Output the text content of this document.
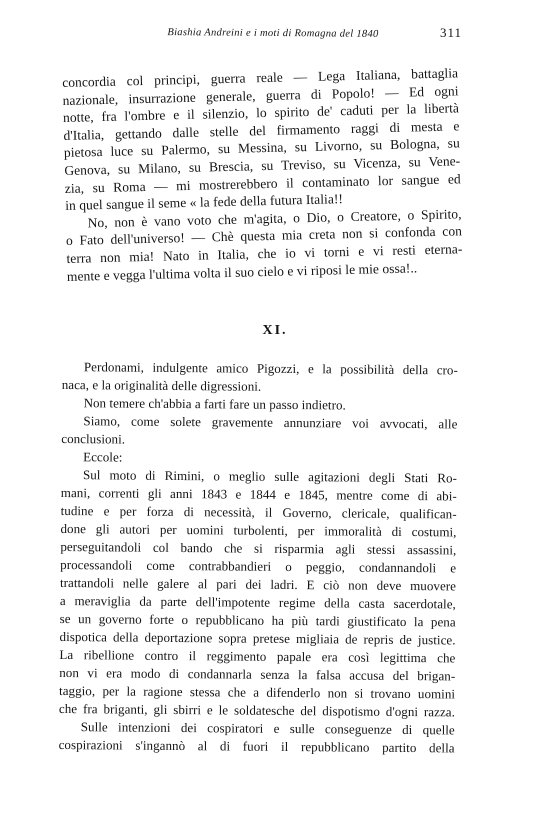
Biashia Andreini e i moti di Romagna del 1840	311
concordia col principi, guerra reale — Lega Italiana, battaglia
nazionale, insurrazione generale, guerra di Popolo! — Ed ogni
notte, fra l'ombre e il silenzio, lo spirito de' caduti per la libertà
d'Italia, gettando dalle stelle del firmamento raggi di mesta e
pietosa luce su Palermo, su Messina, su Livorno, su Bologna, su
Genova, su Milano, su Brescia, su Treviso, su Vicenza, su Vene-
zia, su Roma — mi mostrerebbero il contaminato lor sangue ed
in quel sangue il seme « la fede della futura Italia!!
No, non è vano voto che m'agita, o Dio, o Creatore, o Spirito,
o Fato dell'universo! — Chè questa mia creta non si confonda con
terra non mia! Nato in Italia, che io vi torni e vi resti eterna-
mente e vegga l'ultima volta il suo cielo e vi riposi le mie ossa!..
XI.
Perdonami, indulgente amico Pigozzi, e la possibilità della cro-
naca, e la originalità delle digressioni.
Non temere ch'abbia a farti fare un passo indietro.
Siamo, come solete gravemente annunziare voi avvocati, alle
conclusioni.
Eccole:
Sul moto di Rimini, o meglio sulle agitazioni degli Stati Ro-
mani, correnti gli anni 1843 e 1844 e 1845, mentre come di abi-
tudine e per forza di necessità, il Governo, clericale, qualifican-
done gli autori per uomini turbolenti, per immoralità di costumi,
perseguitandoli col bando che si risparmia agli stessi assassini,
processandoli come contrabbandieri o peggio, condannandoli e
trattandoli nelle galere al pari dei ladri. E ciò non deve muovere
a meraviglia da parte dell'impotente regime della casta sacerdotale,
se un governo forte o repubblicano ha più tardi giustificato la pena
dispotica della deportazione sopra pretese migliaia de repris de justice.
La ribellione contro il reggimento papale era così legittima che
non vi era modo di condannarla senza la falsa accusa del brigan-
taggio, per la ragione stessa che a difenderlo non si trovano uomini
che fra briganti, gli sbirri e le soldatesche del dispotismo d'ogni razza.
Sulle intenzioni dei cospiratori e sulle conseguenze di quelle
cospirazioni s'ingannò al di fuori il repubblicano partito della
